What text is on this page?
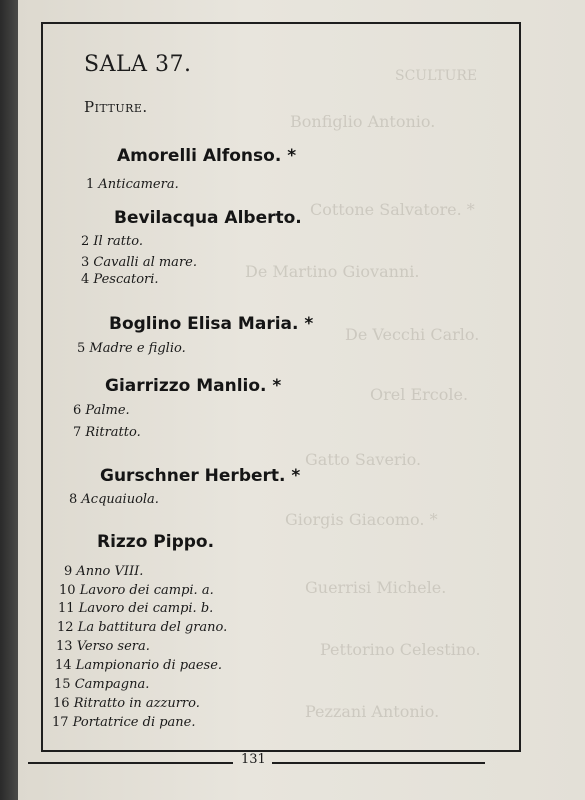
SCULTURE
Bonfiglio Antonio.
Cottone Salvatore. *
De Martino Giovanni.
De Vecchi Carlo.
Orel Ercole.
Gatto Saverio.
Giorgis Giacomo. *
Guerrisi Michele.
Pettorino Celestino.
Pezzani Antonio.
SALA 37.
Pitture.
Amorelli Alfonso. *
1 Anticamera.
Bevilacqua Alberto.
2 Il ratto.
3 Cavalli al mare.
4 Pescatori.
Boglino Elisa Maria. *
5 Madre e figlio.
Giarrizzo Manlio. *
6 Palme.
7 Ritratto.
Gurschner Herbert. *
8 Acquaiuola.
Rizzo Pippo.
9 Anno VIII.
10 Lavoro dei campi. a.
11 Lavoro dei campi. b.
12 La battitura del grano.
13 Verso sera.
14 Lampionario di paese.
15 Campagna.
16 Ritratto in azzurro.
17 Portatrice di pane.
131
